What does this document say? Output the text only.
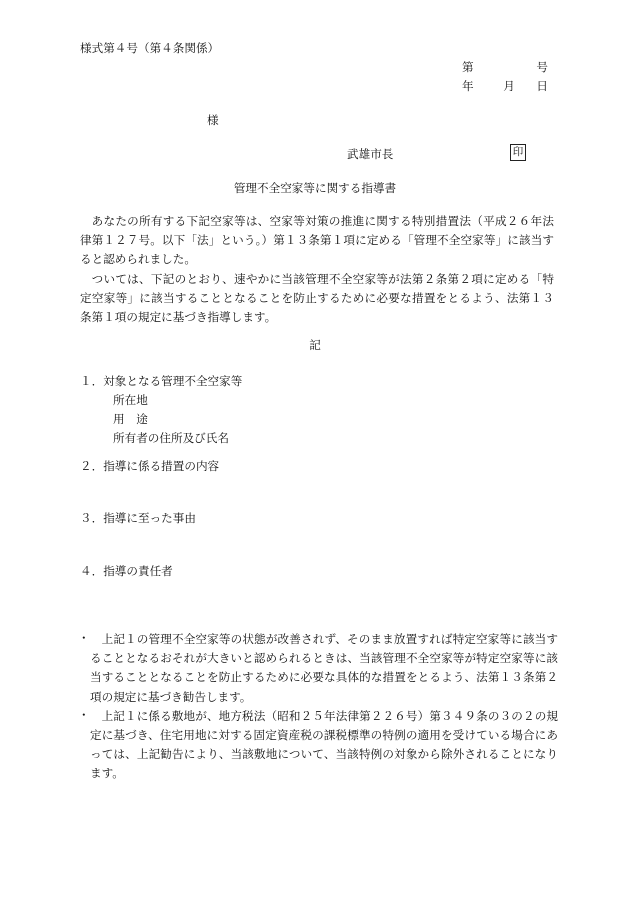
様式第４号（第４条関係）
第	号
年	月 日
様
武雄市長	印
管理不全空家等に関する指導書

あなたの所有する下記空家等は、空家等対策の推進に関する特別措置法（平成２６年法律第１２７号。以下「法」という。）第１３条第１項に定める「管理不全空家等」に該当すると認められました。

ついては、下記のとおり、速やかに当該管理不全空家等が法第２条第２項に定める「特定空家等」に該当することとなることを防止するために必要な措置をとるよう、法第１３条第１項の規定に基づき指導します。

記
１．対象となる管理不全空家等
所在地
用　途
所有者の住所及び氏名
２．指導に係る措置の内容
３．指導に至った事由
４．指導の責任者
・	上記１の管理不全空家等の状態が改善されず、そのまま放置すれば特定空家等に該当することとなるおそれが大きいと認められるときは、当該管理不全空家等が特定空家等に該当することとなることを防止するために必要な具体的な措置をとるよう、法第１３条第２項の規定に基づき勧告します。

・	上記１に係る敷地が、地方税法（昭和２５年法律第２２６号）第３４９条の３の２の規定に基づき、住宅用地に対する固定資産税の課税標準の特例の適用を受けている場合にあっては、上記勧告により、当該敷地について、当該特例の対象から除外されることになります。
